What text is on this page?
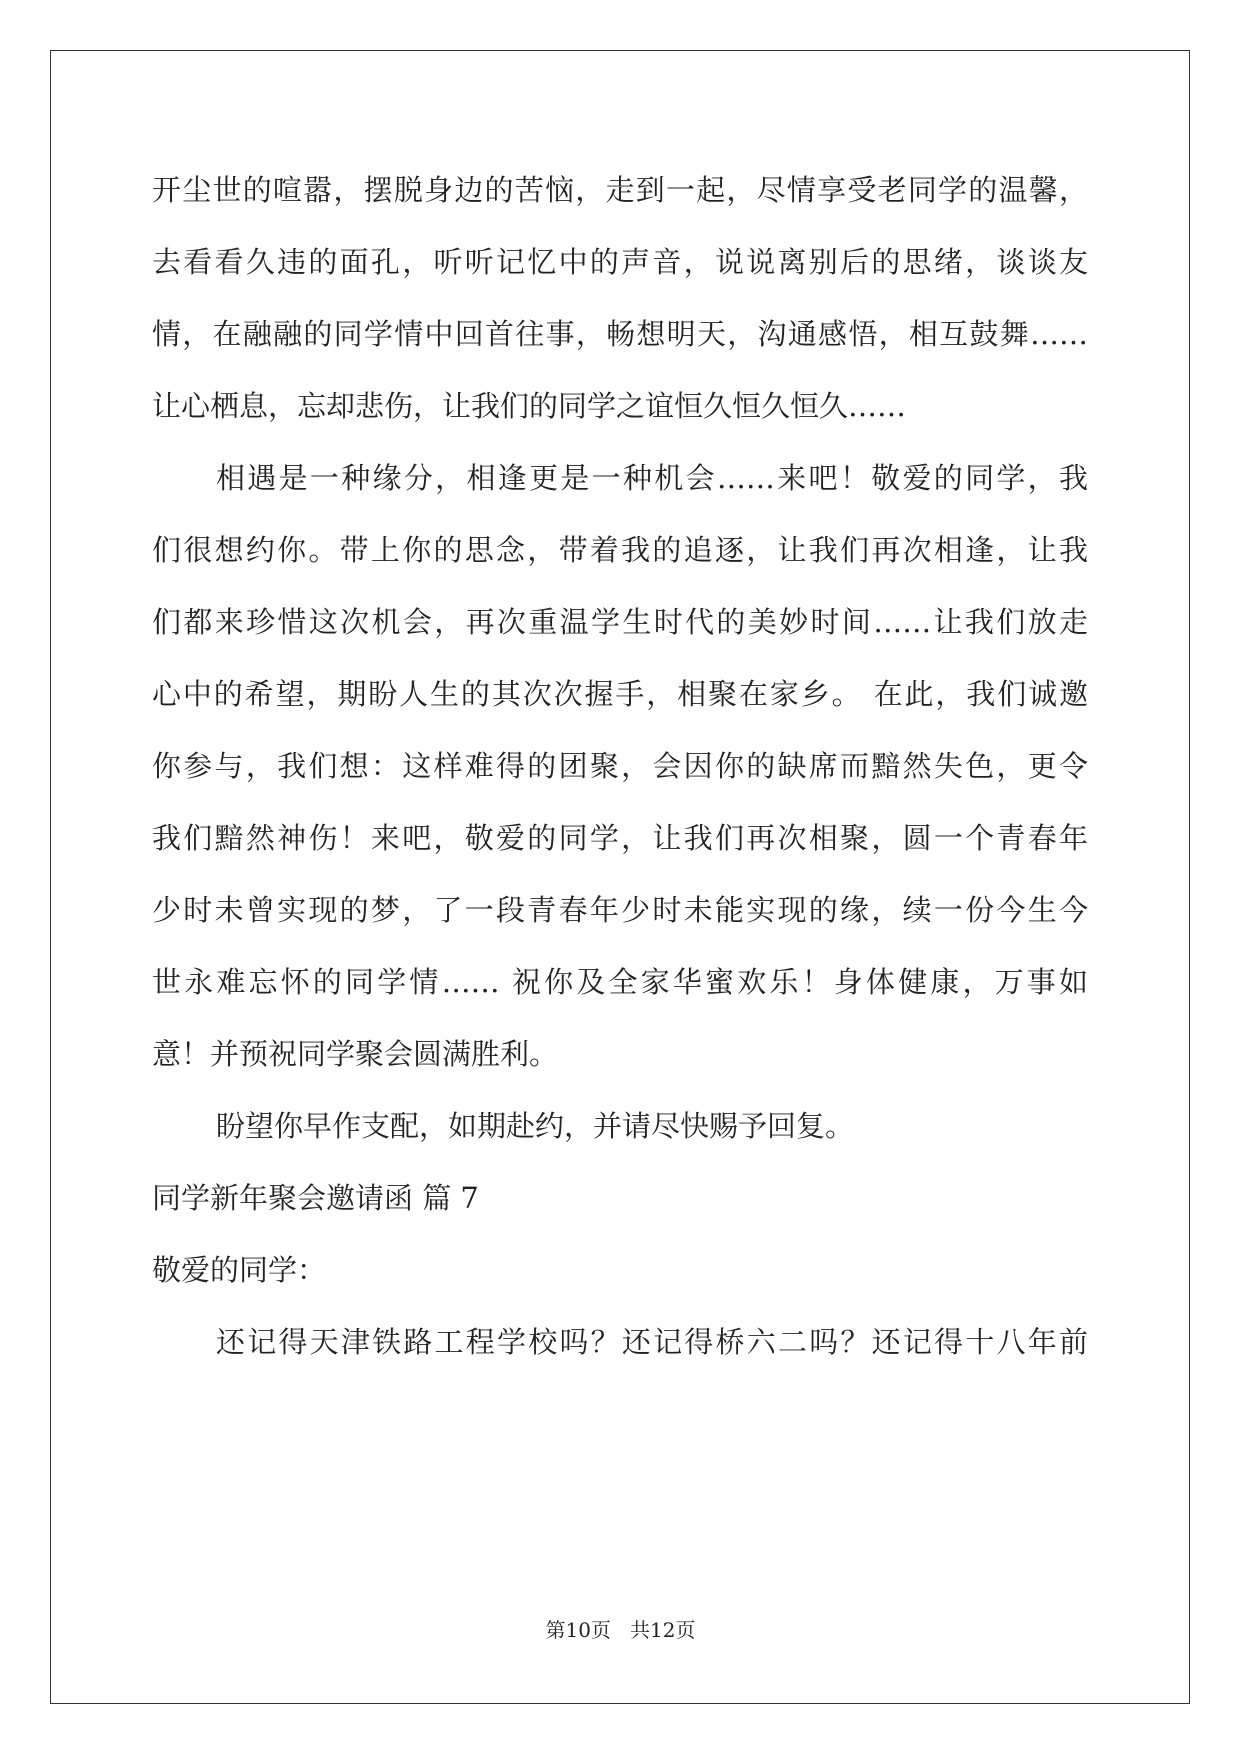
开尘世的喧嚣，摆脱身边的苦恼，走到一起，尽情享受老同学的温馨，
去看看久违的面孔，听听记忆中的声音，说说离别后的思绪，谈谈友
情，在融融的同学情中回首往事，畅想明天，沟通感悟，相互鼓舞……
让心栖息，忘却悲伤，让我们的同学之谊恒久恒久恒久……
相遇是一种缘分，相逢更是一种机会……来吧！敬爱的同学，我
们很想约你。带上你的思念，带着我的追逐，让我们再次相逢，让我
们都来珍惜这次机会，再次重温学生时代的美妙时间……让我们放走
心中的希望，期盼人生的其次次握手，相聚在家乡。 在此，我们诚邀
你参与，我们想：这样难得的团聚，会因你的缺席而黯然失色，更令
我们黯然神伤！来吧，敬爱的同学，让我们再次相聚，圆一个青春年
少时未曾实现的梦，了一段青春年少时未能实现的缘，续一份今生今
世永难忘怀的同学情…… 祝你及全家华蜜欢乐！身体健康，万事如
意！并预祝同学聚会圆满胜利。
盼望你早作支配，如期赴约，并请尽快赐予回复。
同学新年聚会邀请函 篇 7
敬爱的同学：
还记得天津铁路工程学校吗？还记得桥六二吗？还记得十八年前
第10页 共12页
